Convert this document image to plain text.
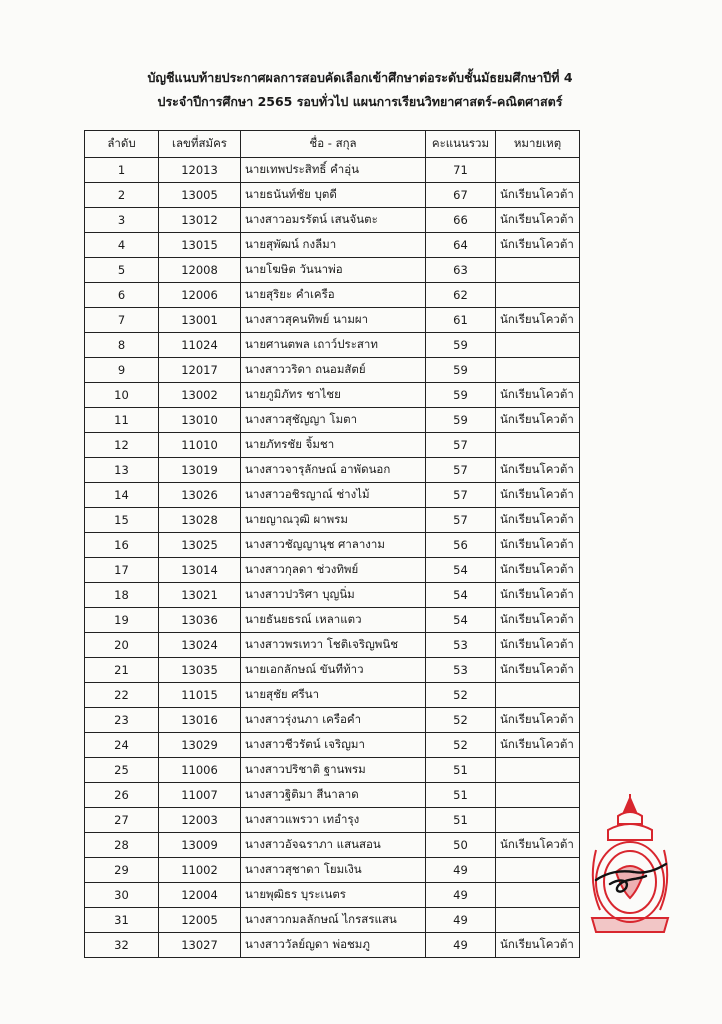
บัญชีแนบท้ายประกาศผลการสอบคัดเลือกเข้าศึกษาต่อระดับชั้นมัธยมศึกษาปีที่ 4
ประจำปีการศึกษา 2565 รอบทั่วไป แผนการเรียนวิทยาศาสตร์-คณิตศาสตร์
ลำดับ	เลขที่สมัคร	ชื่อ - สกุล	คะแนนรวม	หมายเหตุ
1	12013	นายเทพประสิทธิ์ คำอุ่น	71	
2	13005	นายธนันท์ชัย บุตดี	67	นักเรียนโควต้า
3	13012	นางสาวอมรรัตน์ เสนจันตะ	66	นักเรียนโควต้า
4	13015	นายสุพัฒน์ กงลีมา	64	นักเรียนโควต้า
5	12008	นายโฆษิต วันนาพ่อ	63	
6	12006	นายสุริยะ คำเครือ	62	
7	13001	นางสาวสุคนทิพย์ นามผา	61	นักเรียนโควต้า
8	11024	นายศานตพล เถาว์ประสาท	59	
9	12017	นางสาววริดา ถนอมสัตย์	59	
10	13002	นายภูมิภัทร ชาไชย	59	นักเรียนโควต้า
11	13010	นางสาวสุชัญญา โมตา	59	นักเรียนโควต้า
12	11010	นายภัทรชัย จิ้มชา	57	
13	13019	นางสาวจารุลักษณ์ อาพัดนอก	57	นักเรียนโควต้า
14	13026	นางสาวอชิรญาณ์ ช่างไม้	57	นักเรียนโควต้า
15	13028	นายญาณวุฒิ ผาพรม	57	นักเรียนโควต้า
16	13025	นางสาวชัญญานุช ศาลางาม	56	นักเรียนโควต้า
17	13014	นางสาวกุลดา ช่วงทิพย์	54	นักเรียนโควต้า
18	13021	นางสาวปวริศา บุญนิ่ม	54	นักเรียนโควต้า
19	13036	นายธันยธรณ์ เหลาแตว	54	นักเรียนโควต้า
20	13024	นางสาวพรเทวา โชติเจริญพนิช	53	นักเรียนโควต้า
21	13035	นายเอกลักษณ์ ขันทีท้าว	53	นักเรียนโควต้า
22	11015	นายสุชัย ศรีนา	52	
23	13016	นางสาวรุ่งนภา เครือคำ	52	นักเรียนโควต้า
24	13029	นางสาวชีวรัตน์ เจริญมา	52	นักเรียนโควต้า
25	11006	นางสาวปริชาติ ฐานพรม	51	
26	11007	นางสาวฐิติมา สีนาลาด	51	
27	12003	นางสาวแพรวา เทอำรุง	51	
28	13009	นางสาวอัจฉราภา แสนสอน	50	นักเรียนโควต้า
29	11002	นางสาวสุชาดา โยมเงิน	49	
30	12004	นายพุฒิธร บุระเนตร	49	
31	12005	นางสาวกมลลักษณ์ ไกรสรแสน	49	
32	13027	นางสาววัลย์ญดา พ่อชมภู	49	นักเรียนโควต้า
